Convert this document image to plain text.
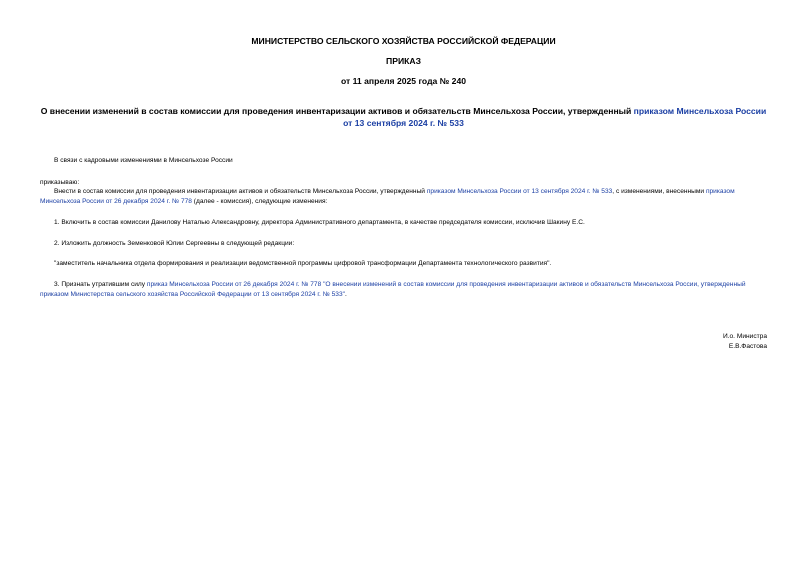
МИНИСТЕРСТВО СЕЛЬСКОГО ХОЗЯЙСТВА РОССИЙСКОЙ ФЕДЕРАЦИИ
ПРИКАЗ
от 11 апреля 2025 года № 240
О внесении изменений в состав комиссии для проведения инвентаризации активов и обязательств Минсельхоза России, утвержденный приказом Минсельхоза России от 13 сентября 2024 г. № 533
В связи с кадровыми изменениями в Минсельхозе России
приказываю:
Внести в состав комиссии для проведения инвентаризации активов и обязательств Минсельхоза России, утвержденный приказом Минсельхоза России от 13 сентября 2024 г. № 533, с изменениями, внесенными приказом Минсельхоза России от 26 декабря 2024 г. № 778 (далее - комиссия), следующие изменения:
1. Включить в состав комиссии Данилову Наталью Александровну, директора Административного департамента, в качестве председателя комиссии, исключив Шакину Е.С.
2. Изложить должность Земенковой Юлии Сергеевны в следующей редакции:
"заместитель начальника отдела формирования и реализации ведомственной программы цифровой трансформации Департамента технологического развития".
3. Признать утратившим силу приказ Минсельхоза России от 26 декабря 2024 г. № 778 "О внесении изменений в состав комиссии для проведения инвентаризации активов и обязательств Минсельхоза России, утвержденный приказом Министерства сельского хозяйства Российской Федерации от 13 сентября 2024 г. № 533".
И.о. Министра
Е.В.Фастова
